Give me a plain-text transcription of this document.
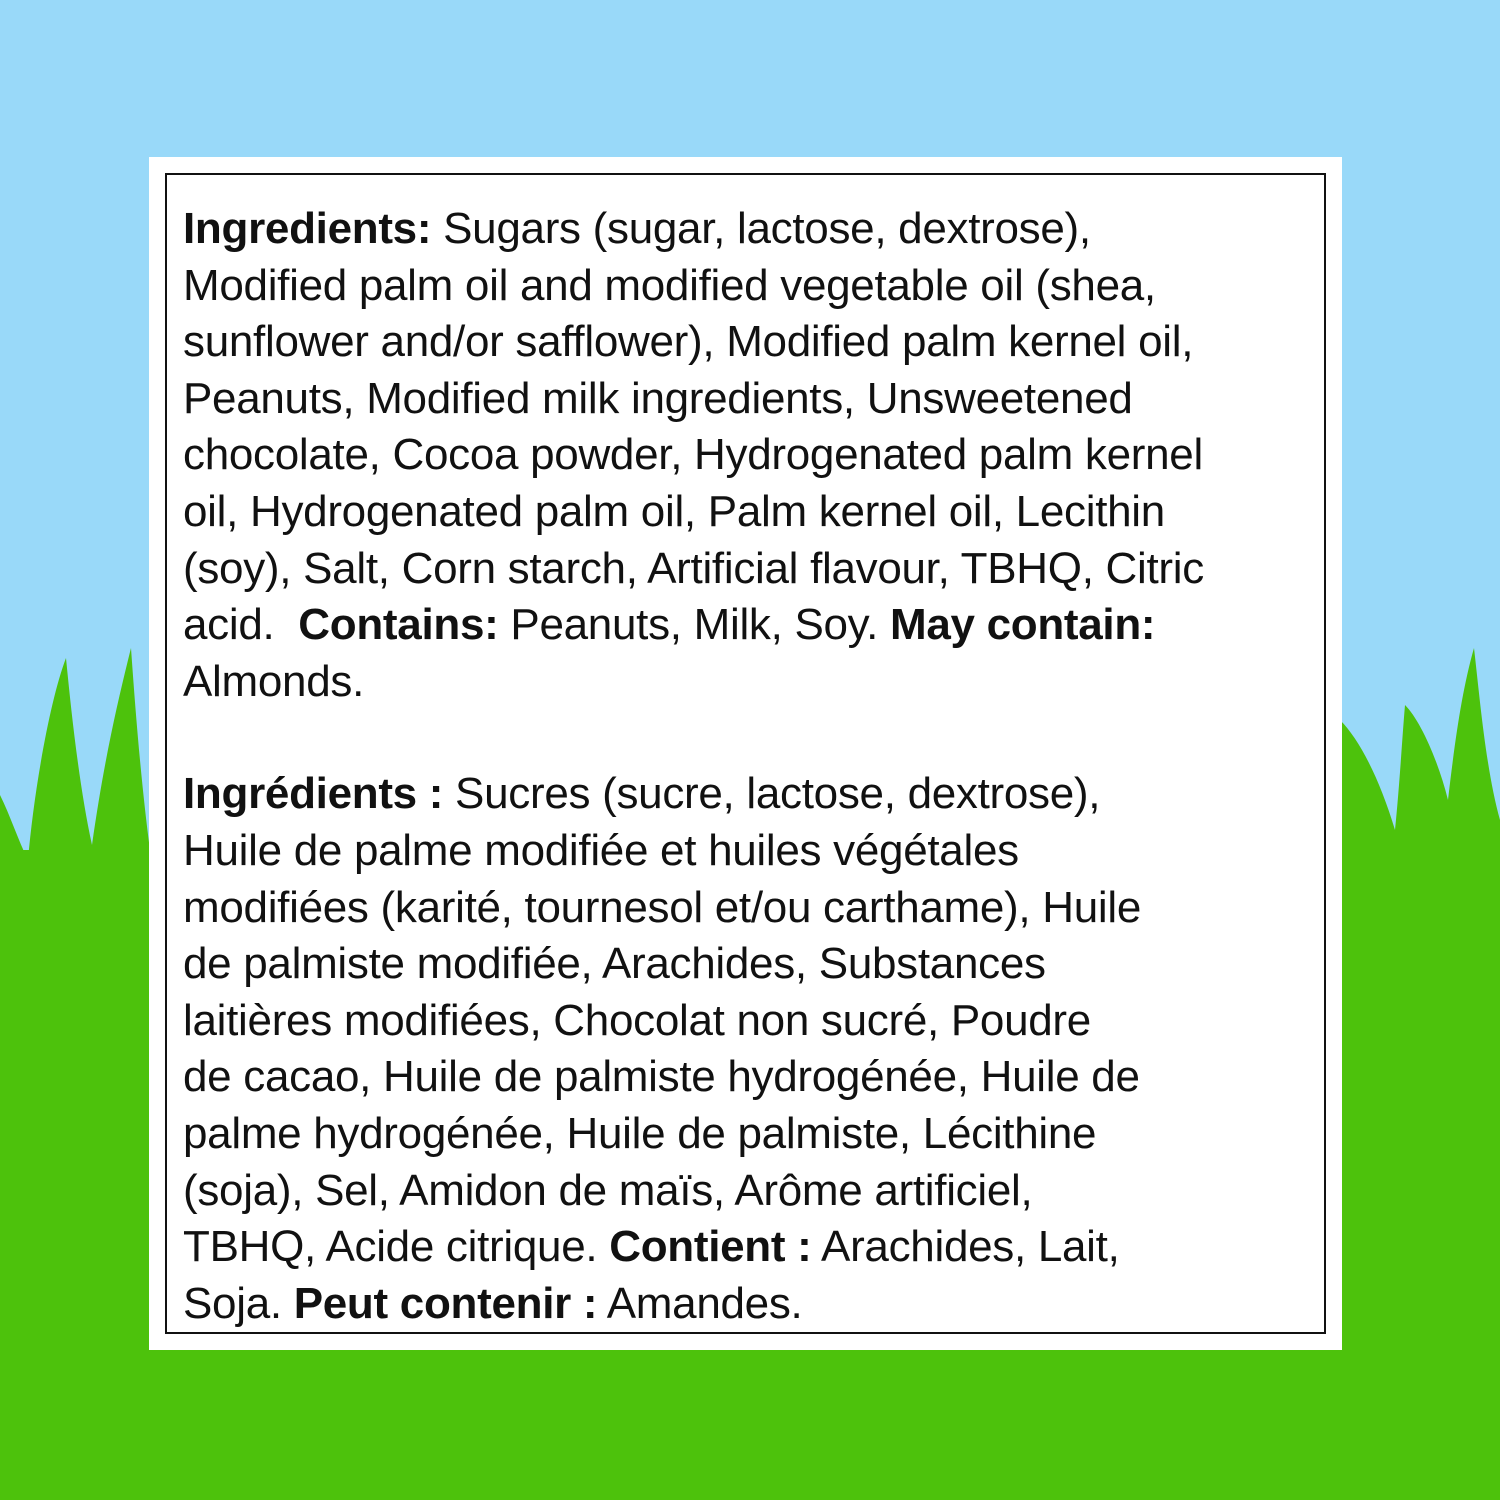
Ingredients: Sugars (sugar, lactose, dextrose),
Modified palm oil and modified vegetable oil (shea,
sunflower and/or safflower), Modified palm kernel oil,
Peanuts, Modified milk ingredients, Unsweetened
chocolate, Cocoa powder, Hydrogenated palm kernel
oil, Hydrogenated palm oil, Palm kernel oil, Lecithin
(soy), Salt, Corn starch, Artificial flavour, TBHQ, Citric
acid.  Contains: Peanuts, Milk, Soy. May contain:
Almonds.

Ingrédients : Sucres (sucre, lactose, dextrose),
Huile de palme modifiée et huiles végétales
modifiées (karité, tournesol et/ou carthame), Huile
de palmiste modifiée, Arachides, Substances
laitières modifiées, Chocolat non sucré, Poudre
de cacao, Huile de palmiste hydrogénée, Huile de
palme hydrogénée, Huile de palmiste, Lécithine
(soja), Sel, Amidon de maïs, Arôme artificiel,
TBHQ, Acide citrique. Contient : Arachides, Lait,
Soja. Peut contenir : Amandes.
